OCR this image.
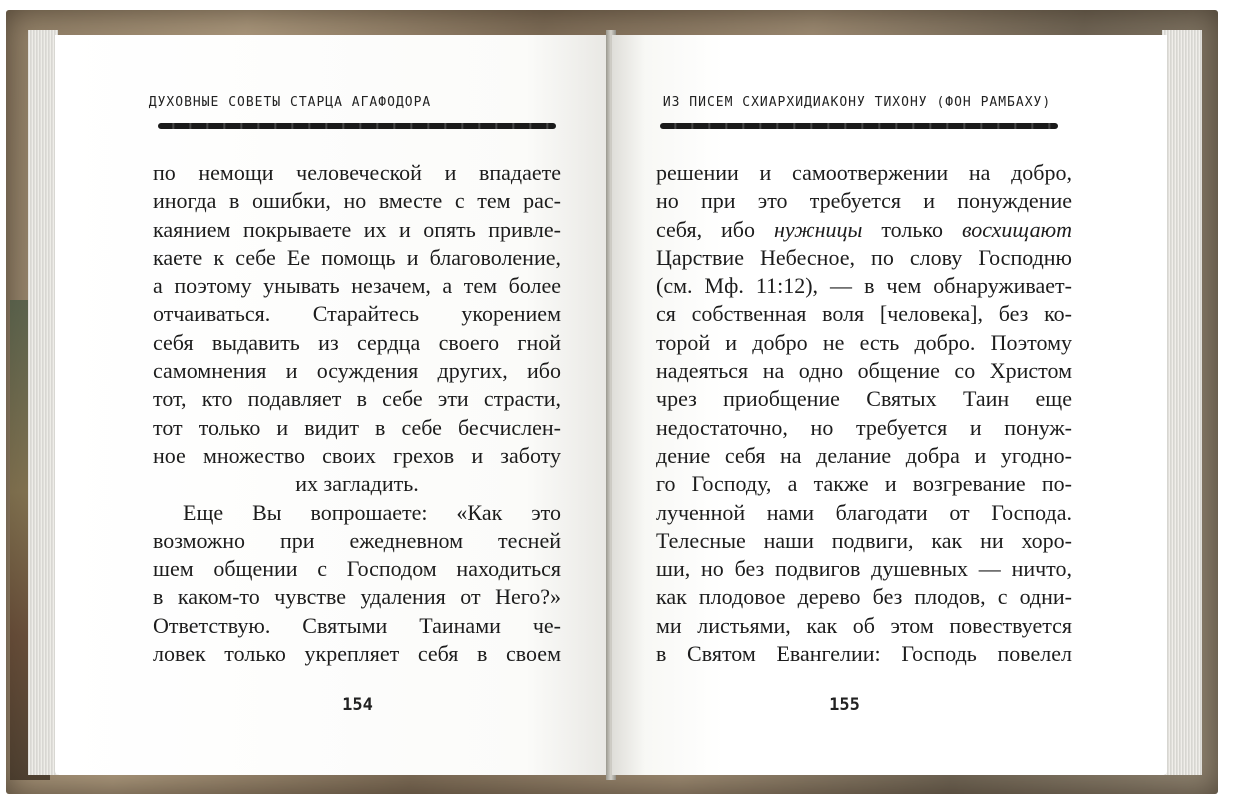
ДУХОВНЫЕ СОВЕТЫ СТАРЦА АГАФОДОРА
по немощи человеческой и впадаете
иногда в ошибки, но вместе с тем рас-
каянием покрываете их и опять привле-
каете к себе Ее помощь и благоволение,
а поэтому унывать незачем, а тем более
отчаиваться. Старайтесь укорением
себя выдавить из сердца своего гной
самомнения и осуждения других, ибо
тот, кто подавляет в себе эти страсти,
тот только и видит в себе бесчислен-
ное множество своих грехов и заботу
их загладить.
Еще Вы вопрошаете: «Как это
возможно при ежедневном тесней
шем общении с Господом находиться
в каком-то чувстве удаления от Него?»
Ответствую. Святыми Таинами че-
ловек только укрепляет себя в своем
154
ИЗ ПИСЕМ СХИАРХИДИАКОНУ ТИХОНУ (ФОН РАМБАХУ)
решении и самоотвержении на добро,
но при это требуется и понуждение
себя, ибо нужницы только восхищают
Царствие Небесное, по слову Господню
(см. Мф. 11:12), — в чем обнаруживает-
ся собственная воля [человека], без ко-
торой и добро не есть добро. Поэтому
надеяться на одно общение со Христом
чрез приобщение Святых Таин еще
недостаточно, но требуется и понуж-
дение себя на делание добра и угодно-
го Господу, а также и возгревание по-
лученной нами благодати от Господа.
Телесные наши подвиги, как ни хоро-
ши, но без подвигов душевных — ничто,
как плодовое дерево без плодов, с одни-
ми листьями, как об этом повествуется
в Святом Евангелии: Господь повелел
155
